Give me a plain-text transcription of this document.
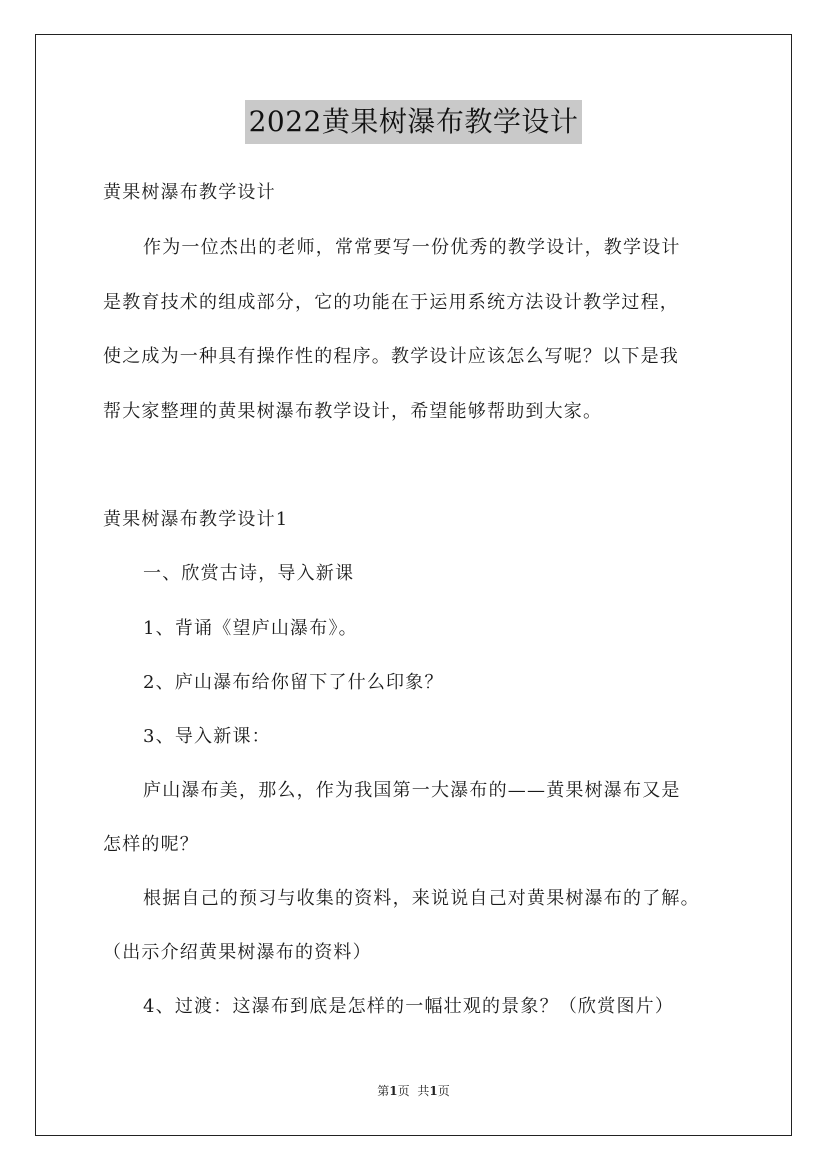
2022黄果树瀑布教学设计
黄果树瀑布教学设计
作为一位杰出的老师，常常要写一份优秀的教学设计，教学设计
是教育技术的组成部分，它的功能在于运用系统方法设计教学过程，
使之成为一种具有操作性的程序。教学设计应该怎么写呢？以下是我
帮大家整理的黄果树瀑布教学设计，希望能够帮助到大家。
黄果树瀑布教学设计1
一、欣赏古诗，导入新课
1、背诵《望庐山瀑布》。
2、庐山瀑布给你留下了什么印象？
3、导入新课：
庐山瀑布美，那么，作为我国第一大瀑布的——黄果树瀑布又是
怎样的呢？
根据自己的预习与收集的资料，来说说自己对黄果树瀑布的了解。
（出示介绍黄果树瀑布的资料）
4、过渡：这瀑布到底是怎样的一幅壮观的景象？（欣赏图片）
第1页 共1页
